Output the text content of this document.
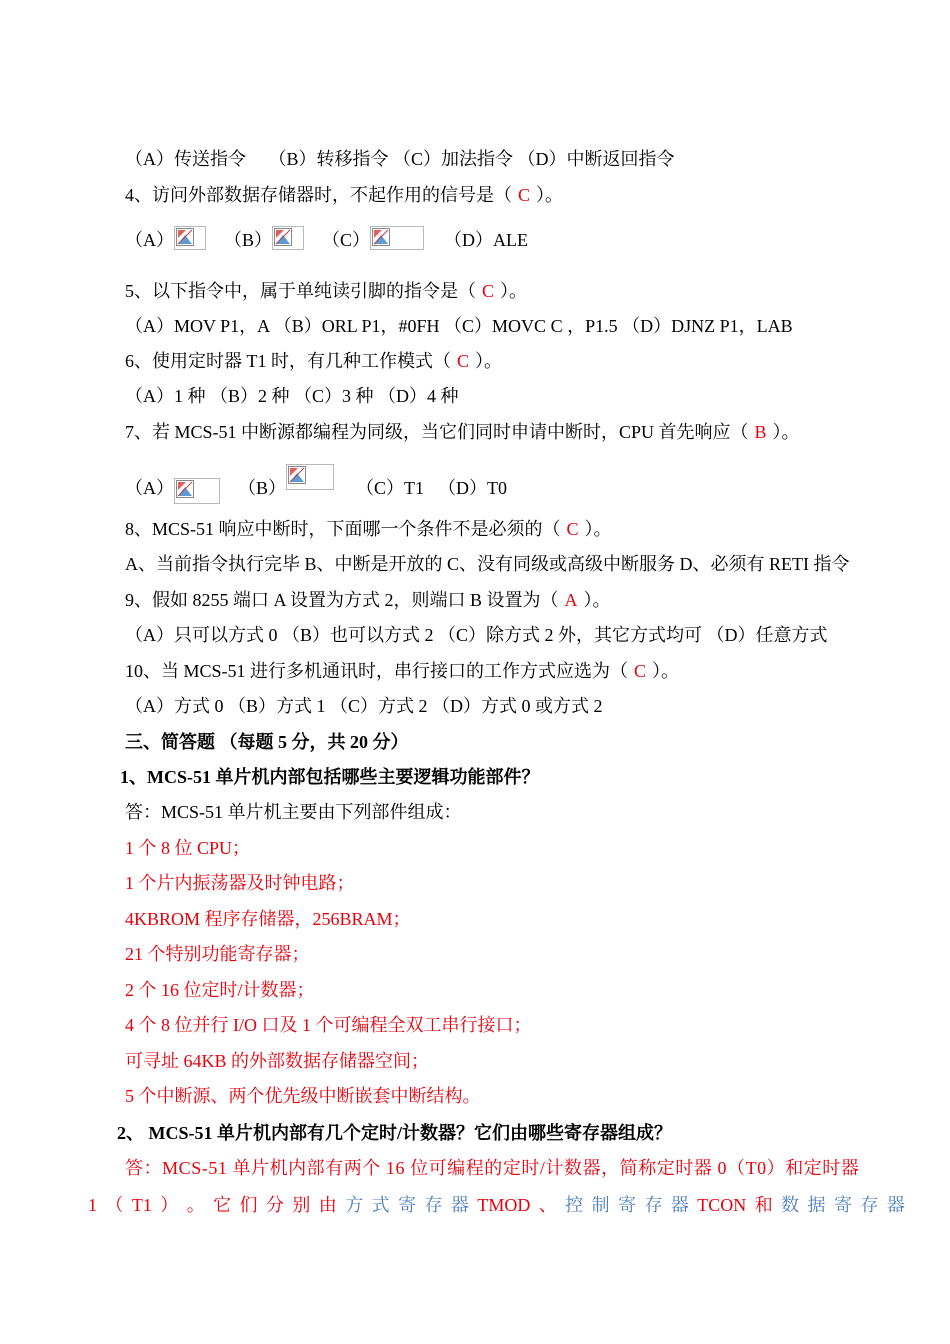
（A）传送指令　 （B）转移指令 （C）加法指令 （D）中断返回指令
4、访问外部数据存储器时，不起作用的信号是（ C ）。
（A）	（B）	（C）	（D）ALE
5、以下指令中，属于单纯读引脚的指令是（ C ）。
（A）MOV P1，A （B）ORL P1，#0FH （C）MOVC C ，P1.5 （D）DJNZ P1，LAB
6、使用定时器 T1 时，有几种工作模式（ C ）。
（A）1 种 （B）2 种 （C）3 种 （D）4 种
7、若 MCS-51 中断源都编程为同级，当它们同时申请中断时，CPU 首先响应（ B ）。
（A）	（B）	（C）T1 （D）T0
8、MCS-51 响应中断时，下面哪一个条件不是必须的（ C ）。
A、当前指令执行完毕 B、中断是开放的 C、没有同级或高级中断服务 D、必须有 RETI 指令
9、假如 8255 端口 A 设置为方式 2，则端口 B 设置为（ A ）。
（A）只可以方式 0 （B）也可以方式 2 （C）除方式 2 外，其它方式均可 （D）任意方式
10、当 MCS-51 进行多机通讯时，串行接口的工作方式应选为（ C ）。
（A）方式 0 （B）方式 1 （C）方式 2 （D）方式 0 或方式 2
三、简答题 （每题 5 分，共 20 分）
1、MCS-51 单片机内部包括哪些主要逻辑功能部件？
答：MCS-51 单片机主要由下列部件组成：
1 个 8 位 CPU；
1 个片内振荡器及时钟电路；
4KBROM 程序存储器，256BRAM；
21 个特别功能寄存器；
2 个 16 位定时/计数器；
4 个 8 位并行 I/O 口及 1 个可编程全双工串行接口；
可寻址 64KB 的外部数据存储器空间；
5 个中断源、两个优先级中断嵌套中断结构。
2、 MCS-51 单片机内部有几个定时/计数器？它们由哪些寄存器组成？
答：MCS-51 单片机内部有两个 16 位可编程的定时/计数器，简称定时器 0（T0）和定时器
1 （ T1 ） 。 它 们 分 别 由 方 式 寄 存 器 TMOD 、 控 制 寄 存 器 TCON 和 数 据 寄 存 器
